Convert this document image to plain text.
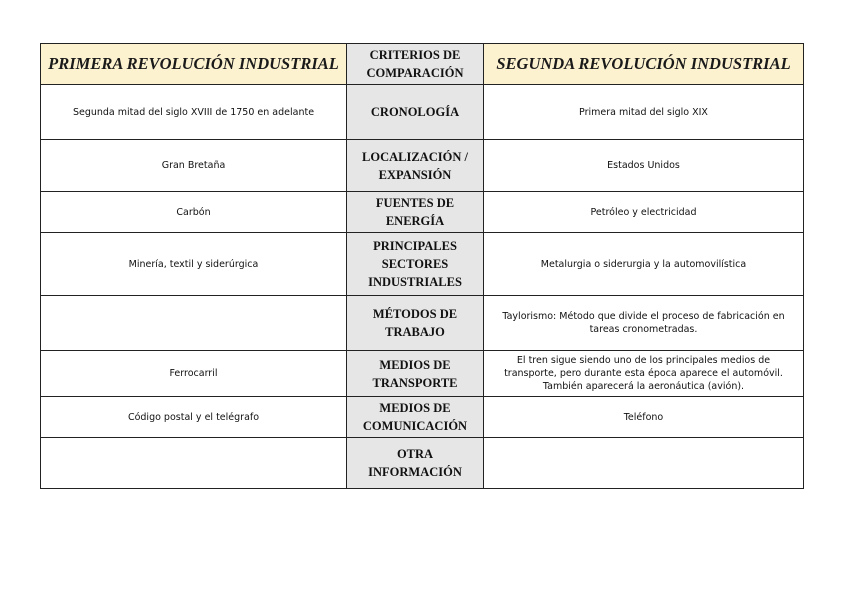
PRIMERA REVOLUCIÓN INDUSTRIAL	CRITERIOS DE COMPARACIÓN	SEGUNDA REVOLUCIÓN INDUSTRIAL
Segunda mitad del siglo XVIII de 1750 en adelante	CRONOLOGÍA	Primera mitad del siglo XIX
Gran Bretaña	LOCALIZACIÓN / EXPANSIÓN	Estados Unidos
Carbón	FUENTES DE ENERGÍA	Petróleo y electricidad
Minería, textil y siderúrgica	PRINCIPALES SECTORES INDUSTRIALES	Metalurgia o siderurgia y la automovilística
	MÉTODOS DE TRABAJO	Taylorismo: Método que divide el proceso de fabricación en tareas cronometradas.
Ferrocarril	MEDIOS DE TRANSPORTE	El tren sigue siendo uno de los principales medios de transporte, pero durante esta época aparece el automóvil. También aparecerá la aeronáutica (avión).
Código postal y el telégrafo	MEDIOS DE COMUNICACIÓN	Teléfono
	OTRA INFORMACIÓN	
